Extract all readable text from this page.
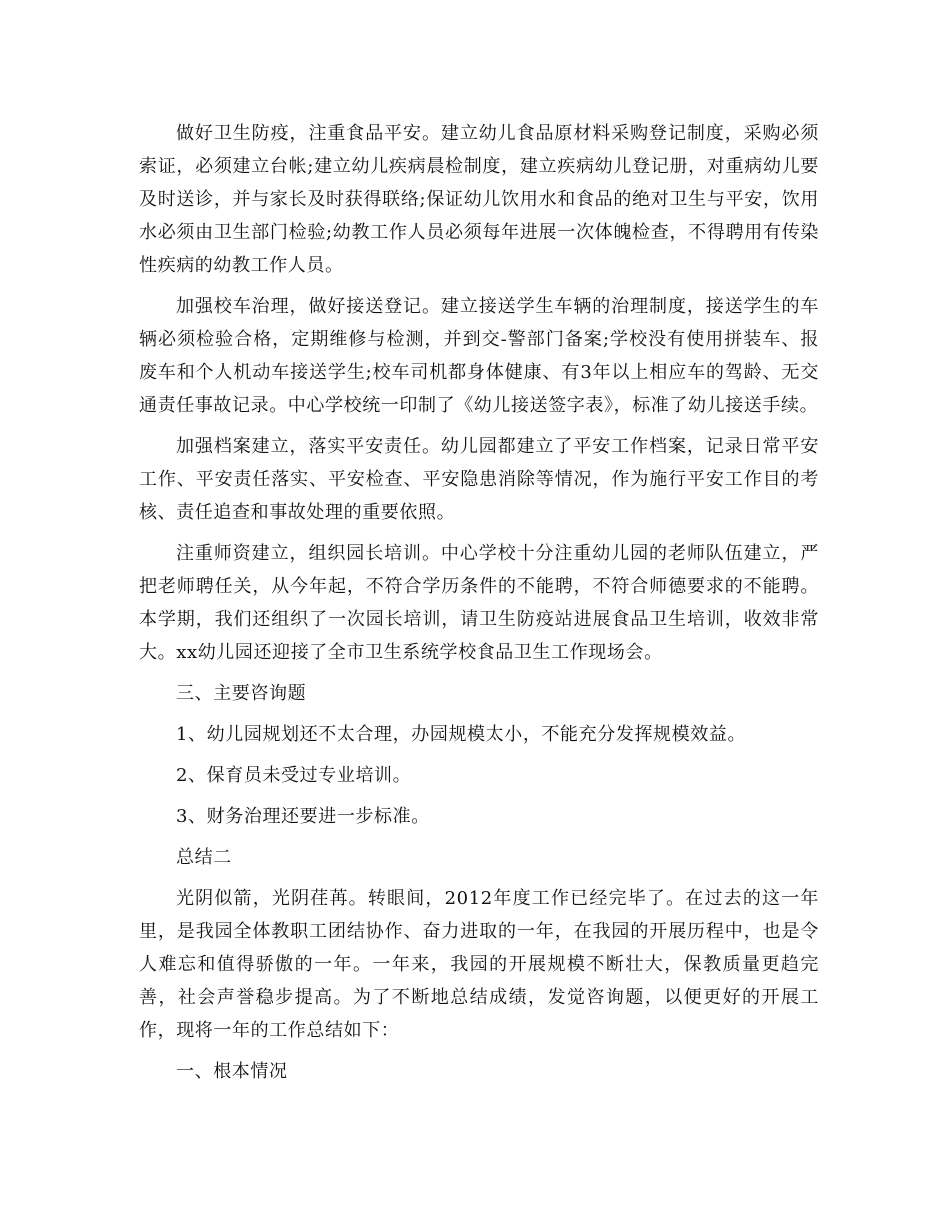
做好卫生防疫，注重食品平安。建立幼儿食品原材料采购登记制度，采购必须索证，必须建立台帐;建立幼儿疾病晨检制度，建立疾病幼儿登记册，对重病幼儿要及时送诊，并与家长及时获得联络;保证幼儿饮用水和食品的绝对卫生与平安，饮用水必须由卫生部门检验;幼教工作人员必须每年进展一次体魄检查，不得聘用有传染性疾病的幼教工作人员。

加强校车治理，做好接送登记。建立接送学生车辆的治理制度，接送学生的车辆必须检验合格，定期维修与检测，并到交-警部门备案;学校没有使用拼装车、报废车和个人机动车接送学生;校车司机都身体健康、有3年以上相应车的驾龄、无交通责任事故记录。中心学校统一印制了《幼儿接送签字表》，标准了幼儿接送手续。

加强档案建立，落实平安责任。幼儿园都建立了平安工作档案，记录日常平安工作、平安责任落实、平安检查、平安隐患消除等情况，作为施行平安工作目的考核、责任追查和事故处理的重要依照。

注重师资建立，组织园长培训。中心学校十分注重幼儿园的老师队伍建立，严把老师聘任关，从今年起，不符合学历条件的不能聘，不符合师德要求的不能聘。本学期，我们还组织了一次园长培训，请卫生防疫站进展食品卫生培训，收效非常大。xx幼儿园还迎接了全市卫生系统学校食品卫生工作现场会。

三、主要咨询题

1、幼儿园规划还不太合理，办园规模太小，不能充分发挥规模效益。

2、保育员未受过专业培训。

3、财务治理还要进一步标准。

总结二

光阴似箭，光阴荏苒。转眼间，2012年度工作已经完毕了。在过去的这一年里，是我园全体教职工团结协作、奋力进取的一年，在我园的开展历程中，也是令人难忘和值得骄傲的一年。一年来，我园的开展规模不断壮大，保教质量更趋完善，社会声誉稳步提高。为了不断地总结成绩，发觉咨询题，以便更好的开展工作，现将一年的工作总结如下：

一、根本情况
